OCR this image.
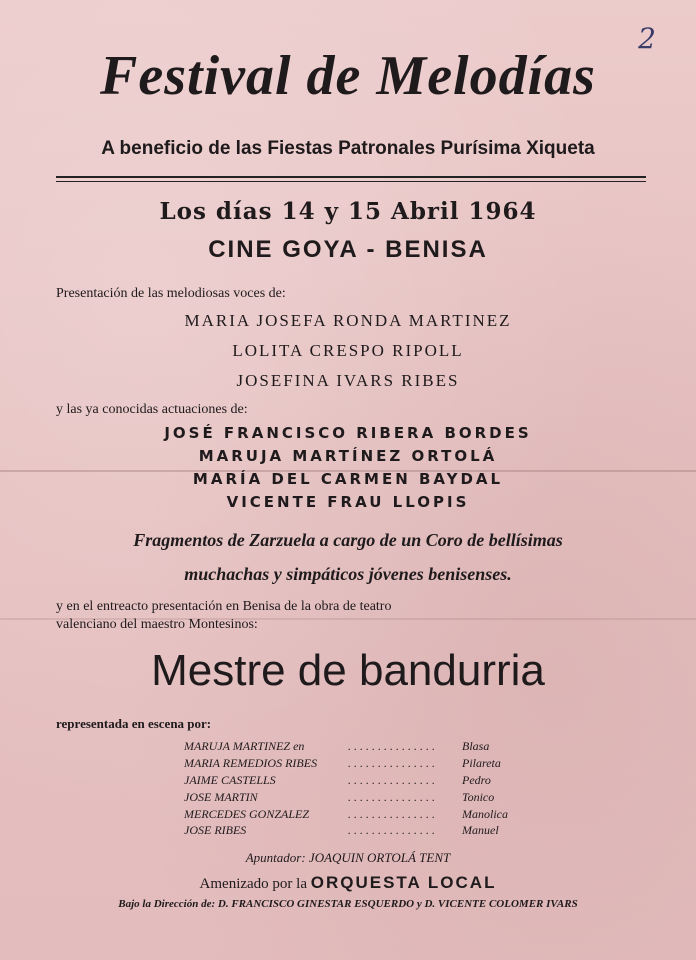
2
Festival de Melodías
A beneficio de las Fiestas Patronales Purísima Xiqueta
Los días 14 y 15 Abril 1964
CINE GOYA - BENISA
Presentación de las melodiosas voces de:
MARIA JOSEFA RONDA MARTINEZ
LOLITA CRESPO RIPOLL
JOSEFINA IVARS RIBES
y las ya conocidas actuaciones de:
JOSÉ FRANCISCO RIBERA BORDES
MARUJA MARTÍNEZ ORTOLÁ
MARÍA DEL CARMEN BAYDAL
VICENTE FRAU LLOPIS
Fragmentos de Zarzuela a cargo de un Coro de bellísimas
muchachas y simpáticos jóvenes benisenses.
y en el entreacto presentación en Benisa de la obra de teatro
valenciano del maestro Montesinos:
Mestre de bandurria
representada en escena por:
MARUJA MARTINEZ en	. . . . . . . . . . . . . . .	Blasa
MARIA REMEDIOS RIBES	. . . . . . . . . . . . . . .	Pilareta
JAIME CASTELLS	. . . . . . . . . . . . . . .	Pedro
JOSE MARTIN	. . . . . . . . . . . . . . .	Tonico
MERCEDES GONZALEZ	. . . . . . . . . . . . . . .	Manolica
JOSE RIBES	. . . . . . . . . . . . . . .	Manuel
Apuntador: JOAQUIN ORTOLÁ TENT
Amenizado por la ORQUESTA LOCAL
Bajo la Dirección de: D. FRANCISCO GINESTAR ESQUERDO y D. VICENTE COLOMER IVARS
